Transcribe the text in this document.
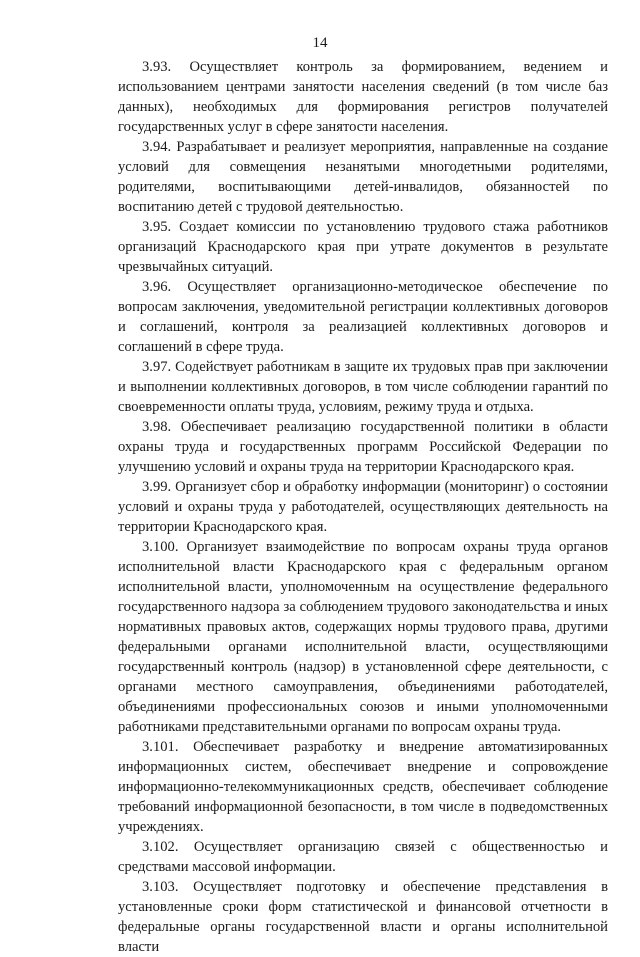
14

3.93. Осуществляет контроль за формированием, ведением и использованием центрами занятости населения сведений (в том числе баз данных), необходимых для формирования регистров получателей государственных услуг в сфере занятости населения.

3.94. Разрабатывает и реализует мероприятия, направленные на создание условий для совмещения незанятыми многодетными родителями, родителями, воспитывающими детей-инвалидов, обязанностей по воспитанию детей с трудовой деятельностью.

3.95. Создает комиссии по установлению трудового стажа работников организаций Краснодарского края при утрате документов в результате чрезвычайных ситуаций.

3.96. Осуществляет организационно-методическое обеспечение по вопросам заключения, уведомительной регистрации коллективных договоров и соглашений, контроля за реализацией коллективных договоров и соглашений в сфере труда.

3.97. Содействует работникам в защите их трудовых прав при заключении и выполнении коллективных договоров, в том числе соблюдении гарантий по своевременности оплаты труда, условиям, режиму труда и отдыха.

3.98. Обеспечивает реализацию государственной политики в области охраны труда и государственных программ Российской Федерации по улучшению условий и охраны труда на территории Краснодарского края.

3.99. Организует сбор и обработку информации (мониторинг) о состоянии условий и охраны труда у работодателей, осуществляющих деятельность на территории Краснодарского края.

3.100. Организует взаимодействие по вопросам охраны труда органов исполнительной власти Краснодарского края с федеральным органом исполнительной власти, уполномоченным на осуществление федерального государственного надзора за соблюдением трудового законодательства и иных нормативных правовых актов, содержащих нормы трудового права, другими федеральными органами исполнительной власти, осуществляющими государственный контроль (надзор) в установленной сфере деятельности, с органами местного самоуправления, объединениями работодателей, объединениями профессиональных союзов и иными уполномоченными работниками представительными органами по вопросам охраны труда.

3.101. Обеспечивает разработку и внедрение автоматизированных информационных систем, обеспечивает внедрение и сопровождение информационно-телекоммуникационных средств, обеспечивает соблюдение требований информационной безопасности, в том числе в подведомственных учреждениях.

3.102. Осуществляет организацию связей с общественностью и средствами массовой информации.

3.103. Осуществляет подготовку и обеспечение представления в установленные сроки форм статистической и финансовой отчетности в федеральные органы государственной власти и органы исполнительной власти
